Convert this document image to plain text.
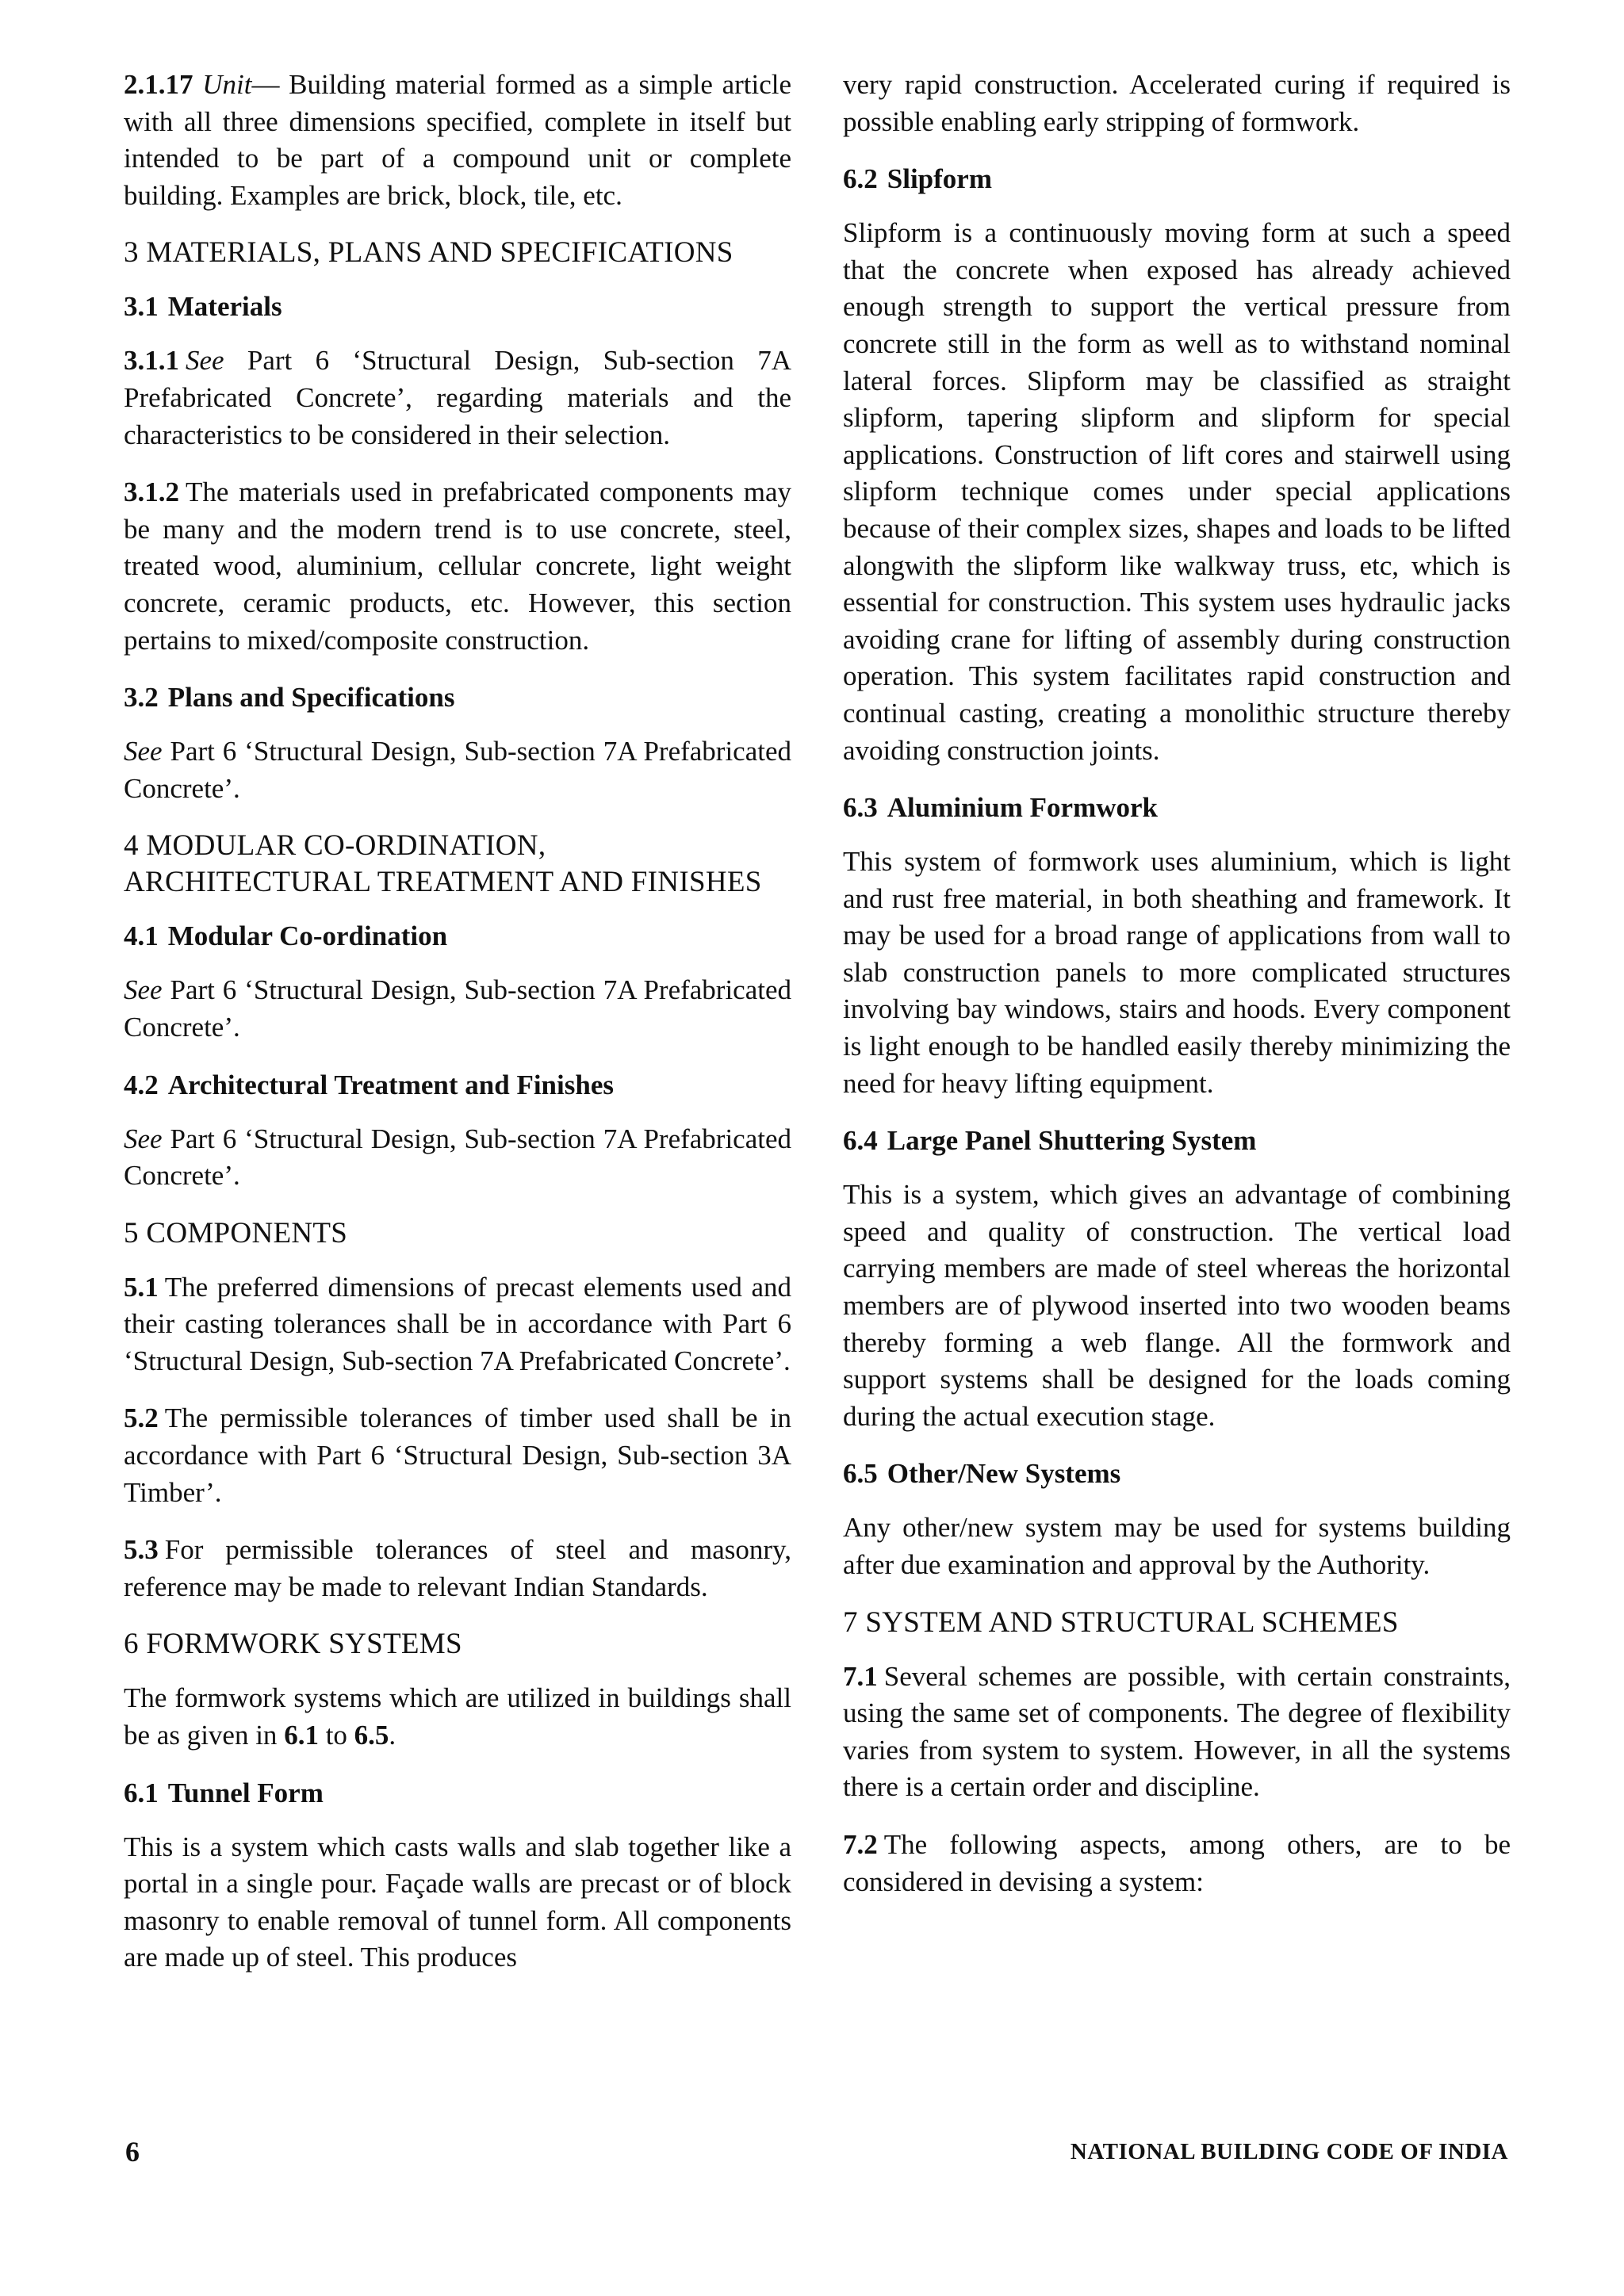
2.1.17 Unit— Building material formed as a simple article with all three dimensions specified, complete in itself but intended to be part of a compound unit or complete building. Examples are brick, block, tile, etc.

3 MATERIALS, PLANS AND SPECIFICATIONS
3.1 Materials

3.1.1 See Part 6 ‘Structural Design, Sub-section 7A Prefabricated Concrete’, regarding materials and the characteristics to be considered in their selection.

3.1.2 The materials used in prefabricated components may be many and the modern trend is to use concrete, steel, treated wood, aluminium, cellular concrete, light weight concrete, ceramic products, etc. However, this section pertains to mixed/composite construction.

3.2 Plans and Specifications

See Part 6 ‘Structural Design, Sub-section 7A Prefabricated Concrete’.

4 MODULAR CO-ORDINATION, ARCHITECTURAL TREATMENT AND FINISHES
4.1 Modular Co-ordination

See Part 6 ‘Structural Design, Sub-section 7A Prefabricated Concrete’.

4.2 Architectural Treatment and Finishes

See Part 6 ‘Structural Design, Sub-section 7A Prefabricated Concrete’.

5 COMPONENTS

5.1 The preferred dimensions of precast elements used and their casting tolerances shall be in accordance with Part 6 ‘Structural Design, Sub-section 7A Prefabricated Concrete’.

5.2 The permissible tolerances of timber used shall be in accordance with Part 6 ‘Structural Design, Sub-section 3A Timber’.

5.3 For permissible tolerances of steel and masonry, reference may be made to relevant Indian Standards.

6 FORMWORK SYSTEMS

The formwork systems which are utilized in buildings shall be as given in 6.1 to 6.5.

6.1 Tunnel Form

This is a system which casts walls and slab together like a portal in a single pour. Façade walls are precast or of block masonry to enable removal of tunnel form. All components are made up of steel. This produces

very rapid construction. Accelerated curing if required is possible enabling early stripping of formwork.

6.2 Slipform

Slipform is a continuously moving form at such a speed that the concrete when exposed has already achieved enough strength to support the vertical pressure from concrete still in the form as well as to withstand nominal lateral forces. Slipform may be classified as straight slipform, tapering slipform and slipform for special applications. Construction of lift cores and stairwell using slipform technique comes under special applications because of their complex sizes, shapes and loads to be lifted alongwith the slipform like walkway truss, etc, which is essential for construction. This system uses hydraulic jacks avoiding crane for lifting of assembly during construction operation. This system facilitates rapid construction and continual casting, creating a monolithic structure thereby avoiding construction joints.

6.3 Aluminium Formwork

This system of formwork uses aluminium, which is light and rust free material, in both sheathing and framework. It may be used for a broad range of applications from wall to slab construction panels to more complicated structures involving bay windows, stairs and hoods. Every component is light enough to be handled easily thereby minimizing the need for heavy lifting equipment.

6.4 Large Panel Shuttering System

This is a system, which gives an advantage of combining speed and quality of construction. The vertical load carrying members are made of steel whereas the horizontal members are of plywood inserted into two wooden beams thereby forming a web flange. All the formwork and support systems shall be designed for the loads coming during the actual execution stage.

6.5 Other/New Systems

Any other/new system may be used for systems building after due examination and approval by the Authority.

7 SYSTEM AND STRUCTURAL SCHEMES

7.1 Several schemes are possible, with certain constraints, using the same set of components. The degree of flexibility varies from system to system. However, in all the systems there is a certain order and discipline.

7.2 The following aspects, among others, are to be considered in devising a system:

6	NATIONAL BUILDING CODE OF INDIA
